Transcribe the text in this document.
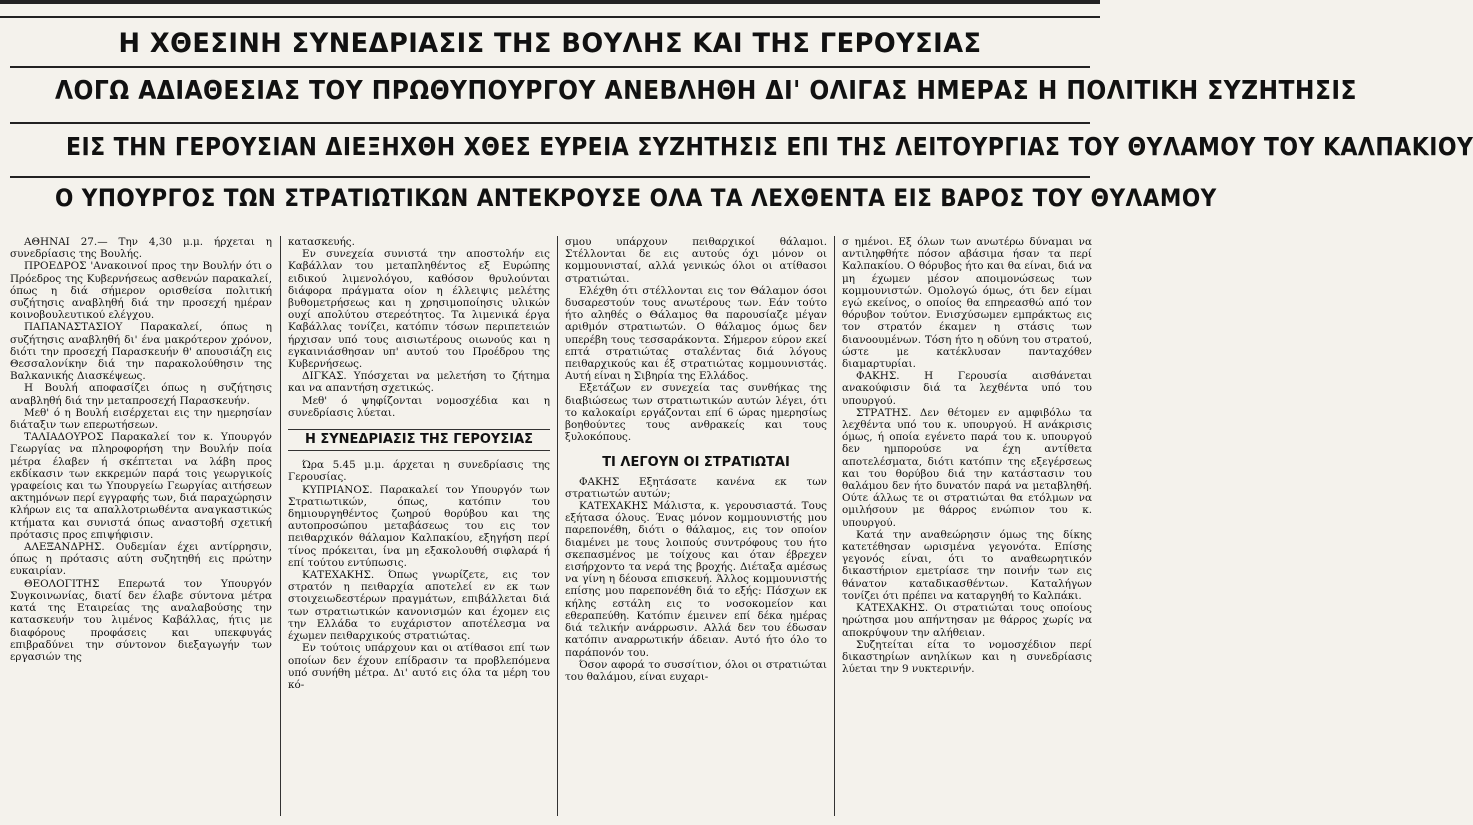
Η ΧΘΕΣΙΝΗ ΣΥΝΕΔΡΙΑΣΙΣ ΤΗΣ ΒΟΥΛΗΣ ΚΑΙ ΤΗΣ ΓΕΡΟΥΣΙΑΣ
ΛΟΓΩ ΑΔΙΑΘΕΣΙΑΣ ΤΟΥ ΠΡΩΘΥΠΟΥΡΓΟΥ ΑΝΕΒΛΗΘΗ ΔΙ' ΟΛΙΓΑΣ ΗΜΕΡΑΣ Η ΠΟΛΙΤΙΚΗ ΣΥΖΗΤΗΣΙΣ
ΕΙΣ ΤΗΝ ΓΕΡΟΥΣΙΑΝ ΔΙΕΞΗΧΘΗ ΧΘΕΣ ΕΥΡΕΙΑ ΣΥΖΗΤΗΣΙΣ ΕΠΙ ΤΗΣ ΛΕΙΤΟΥΡΓΙΑΣ ΤΟΥ ΘΥΛΑΜΟΥ ΤΟΥ ΚΑΛΠΑΚΙΟΥ
Ο ΥΠΟΥΡΓΟΣ ΤΩΝ ΣΤΡΑΤΙΩΤΙΚΩΝ ΑΝΤΕΚΡΟΥΣΕ ΟΛΑ ΤΑ ΛΕΧΘΕΝΤΑ ΕΙΣ ΒΑΡΟΣ ΤΟΥ ΘΥΛΑΜΟΥ

ΑΘΗΝΑΙ 27.— Την 4,30 μ.μ. ήρχεται η συνεδρίασις της Βουλής.

ΠΡΟΕΔΡΟΣ 'Ανακοινοί προς την Βουλήν ότι ο Πρόεδρος της Κυβερνήσεως ασθενών παρακαλεί, όπως η διά σήμερον ορισθείσα πολιτική συζήτησις αναβληθή διά την προσεχή ημέραν κοινοβουλευτικού ελέγχου.

ΠΑΠΑΝΑΣΤΑΣΙΟΥ Παρακαλεί, όπως η συζήτησις αναβληθή δι' ένα μακρότερον χρόνον, διότι την προσεχή Παρασκευήν θ' απουσιάζη εις Θεσσαλονίκην διά την παρακολούθησιν της Βαλκανικής Διασκέψεως.

Η Βουλή αποφασίζει όπως η συζήτησις αναβληθή διά την μεταπροσεχή Παρασκευήν.

Μεθ' ό η Βουλή εισέρχεται εις την ημερησίαν διάταξιν των επερωτήσεων.

ΤΑΛΙΑΔΟΥΡΟΣ Παρακαλεί τον κ. Υπουργόν Γεωργίας να πληροφορήση την Βουλήν ποία μέτρα έλαβεν ή σκέπτεται να λάβη προς εκδίκασιν των εκκρεμών παρά τοις γεωργικοίς γραφείοις και τω Υπουργείω Γεωργίας αιτήσεων ακτημόνων περί εγγραφής των, διά παραχώρησιν κλήρων εις τα απαλλοτριωθέντα αναγκαστικώς κτήματα και συνιστά όπως αναστοβή σχετική πρότασις προς επιψήφισιν.

ΑΛΕΞΑΝΔΡΗΣ. Ουδεμίαν έχει αντίρρησιν, όπως η πρότασις αύτη συζητηθή εις πρώτην ευκαιρίαν.

ΘΕΟΛΟΓΙΤΗΣ Επερωτά τον Υπουργόν Συγκοινωνίας, διατί δεν έλαβε σύντονα μέτρα κατά της Εταιρείας της αναλαβούσης την κατασκευήν του λιμένος Καβάλλας, ήτις με διαφόρους προφάσεις και υπεκφυγάς επιβραδύνει την σύντονον διεξαγωγήν των εργασιών της

κατασκευής.

Εν συνεχεία συνιστά την αποστολήν εις Καβάλλαν του μεταπληθέντος εξ Ευρώπης ειδικού λιμενολόγου, καθόσον θρυλούνται διάφορα πράγματα οίον η έλλειψις μελέτης βυθομετρήσεως και η χρησιμοποίησις υλικών ουχί απολύτου στερεότητος. Τα λιμενικά έργα Καβάλλας τονίζει, κατόπιν τόσων περιπετειών ήρχισαν υπό τους αισιωτέρους οιωνούς και η εγκαινιάσθησαν υπ' αυτού του Προέδρου της Κυβερνήσεως.

ΔΙΓΚΑΣ. Υπόσχεται να μελετήση το ζήτημα και να απαντήση σχετικώς.

Μεθ' ό ψηφίζονται νομοσχέδια και η συνεδρίασις λύεται.

Η ΣΥΝΕΔΡΙΑΣΙΣ ΤΗΣ ΓΕΡΟΥΣΙΑΣ

Ώρα 5.45 μ.μ. άρχεται η συνεδρίασις της Γερουσίας.

ΚΥΠΡΙΑΝΟΣ. Παρακαλεί τον Υπουργόν των Στρατιωτικών, όπως, κατόπιν του δημιουργηθέντος ζωηρού θορύβου και της αυτοπροσώπου μεταβάσεως του εις τον πειθαρχικόν θάλαμον Καλπακίου, εξηγήση περί τίνος πρόκειται, ίνα μη εξακολουθή σιφλαρά ή επί τούτου εντύπωσις.

ΚΑΤΕΧΑΚΗΣ. Όπως γνωρίζετε, εις τον στρατόν η πειθαρχία αποτελεί εν εκ των στοιχειωδεστέρων πραγμάτων, επιβάλλεται διά των στρατιωτικών κανονισμών και έχομεν εις την Ελλάδα το ευχάριστον αποτέλεσμα να έχωμεν πειθαρχικούς στρατιώτας.

Εν τούτοις υπάρχουν και οι ατίθασοι επί των οποίων δεν έχουν επίδρασιν τα προβλεπόμενα υπό συνήθη μέτρα. Δι' αυτό εις όλα τα μέρη του κό-

σμου υπάρχουν πειθαρχικοί θάλαμοι. Στέλλονται δε εις αυτούς όχι μόνον οι κομμουνισταί, αλλά γενικώς όλοι οι ατίθασοι στρατιώται.

Ελέχθη ότι στέλλονται εις τον Θάλαμον όσοι δυσαρεστούν τους ανωτέρους των. Εάν τούτο ήτο αληθές ο Θάλαμος θα παρουσίαζε μέγαν αριθμόν στρατιωτών. Ο θάλαμος όμως δεν υπερέβη τους τεσσαράκοντα. Σήμερον εύρον εκεί επτά στρατιώτας σταλέντας διά λόγους πειθαρχικούς και έξ στρατιώτας κομμουνιστάς. Αυτή είναι η Σιβηρία της Ελλάδος.

Εξετάζων εν συνεχεία τας συνθήκας της διαβιώσεως των στρατιωτικών αυτών λέγει, ότι το καλοκαίρι εργάζονται επί 6 ώρας ημερησίως βοηθούντες τους ανθρακείς και τους ξυλοκόπους.

ΤΙ ΛΕΓΟΥΝ ΟΙ ΣΤΡΑΤΙΩΤΑΙ

ΦΑΚΗΣ Εξητάσατε κανένα εκ των στρατιωτών αυτών;

ΚΑΤΕΧΑΚΗΣ Μάλιστα, κ. γερουσιαστά. Τους εξήτασα όλους. Ένας μόνον κομμουνιστής μου παρεπονέθη, διότι ο θάλαμος, εις τον οποίον διαμένει με τους λοιπούς συντρόφους του ήτο σκεπασμένος με τοίχους και όταν έβρεχεν εισήρχοντο τα νερά της βροχής. Διέταξα αμέσως να γίνη η δέουσα επισκευή. Άλλος κομμουνιστής επίσης μου παρεπονέθη διά το εξής: Πάσχων εκ κήλης εστάλη εις το νοσοκομείον και εθεραπεύθη. Κατόπιν έμεινεν επί δέκα ημέρας διά τελικήν ανάρρωσιν. Αλλά δεν του έδωσαν κατόπιν αναρρωτικήν άδειαν. Αυτό ήτο όλο το παράπονόν του.

Όσον αφορά το συσσίτιον, όλοι οι στρατιώται του θαλάμου, είναι ευχαρι-

σ ημένοι. Εξ όλων των ανωτέρω δύναμαι να αντιληφθήτε πόσον αβάσιμα ήσαν τα περί Καλπακίου. Ο θόρυβος ήτο και θα είναι, διά να μη έχωμεν μέσον αποιμονώσεως των κομμουνιστών. Ομολογώ όμως, ότι δεν είμαι εγώ εκείνος, ο οποίος θα επηρεασθώ από τον θόρυβον τούτον. Ενισχύσωμεν εμπράκτως εις τον στρατόν έκαμεν η στάσις των διανοουμένων. Τόση ήτο η οδύνη του στρατού, ώστε με κατέκλυσαν πανταχόθεν διαμαρτυρίαι.

ΦΑΚΗΣ. Η Γερουσία αισθάνεται ανακούφισιν διά τα λεχθέντα υπό του υπουργού.

ΣΤΡΑΤΗΣ. Δεν θέτομεν εν αμφιβόλω τα λεχθέντα υπό του κ. υπουργού. Η ανάκρισις όμως, ή οποία εγένετο παρά του κ. υπουργού δεν ημπορούσε να έχη αντίθετα αποτελέσματα, διότι κατόπιν της εξεγέρσεως και του θορύβου διά την κατάστασιν του θαλάμου δεν ήτο δυνατόν παρά να μεταβληθή. Ούτε άλλως τε οι στρατιώται θα ετόλμων να ομιλήσουν με θάρρος ενώπιον του κ. υπουργού.

Κατά την αναθεώρησιν όμως της δίκης κατετέθησαν ωρισμένα γεγονότα. Επίσης γεγονός είναι, ότι το αναθεωρητικόν δικαστήριον εμετρίασε την ποινήν των εις θάνατον καταδικασθέντων. Καταλήγων τονίζει ότι πρέπει να καταργηθή το Καλπάκι.

ΚΑΤΕΧΑΚΗΣ. Οι στρατιώται τους οποίους ηρώτησα μου απήντησαν με θάρρος χωρίς να αποκρύψουν την αλήθειαν.

Συζητείται είτα το νομοσχέδιον περί δικαστηρίων ανηλίκων και η συνεδρίασις λύεται την 9 νυκτερινήν.
